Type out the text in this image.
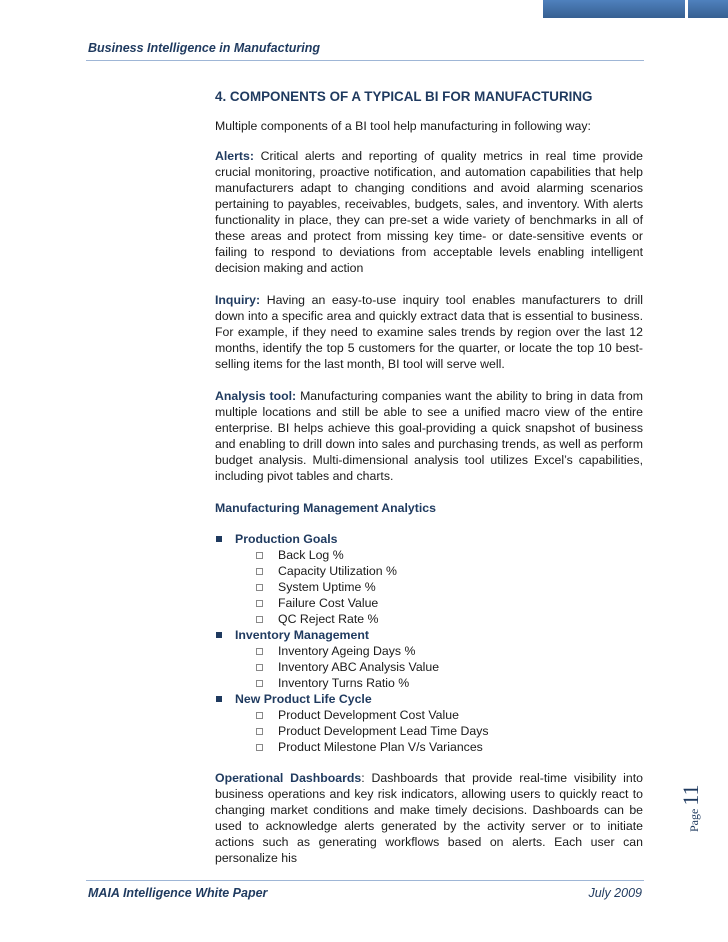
Business Intelligence in Manufacturing
4. COMPONENTS OF A TYPICAL BI FOR MANUFACTURING
Multiple components of a BI tool help manufacturing in following way:
Alerts: Critical alerts and reporting of quality metrics in real time provide crucial monitoring, proactive notification, and automation capabilities that help manufacturers adapt to changing conditions and avoid alarming scenarios pertaining to payables, receivables, budgets, sales, and inventory. With alerts functionality in place, they can pre-set a wide variety of benchmarks in all of these areas and protect from missing key time- or date-sensitive events or failing to respond to deviations from acceptable levels enabling intelligent decision making and action
Inquiry: Having an easy-to-use inquiry tool enables manufacturers to drill down into a specific area and quickly extract data that is essential to business. For example, if they need to examine sales trends by region over the last 12 months, identify the top 5 customers for the quarter, or locate the top 10 best-selling items for the last month, BI tool will serve well.
Analysis tool: Manufacturing companies want the ability to bring in data from multiple locations and still be able to see a unified macro view of the entire enterprise. BI helps achieve this goal-providing a quick snapshot of business and enabling to drill down into sales and purchasing trends, as well as perform budget analysis. Multi-dimensional analysis tool utilizes Excel’s capabilities, including pivot tables and charts.
Manufacturing Management Analytics
Production Goals
Back Log %
Capacity Utilization %
System Uptime %
Failure Cost Value
QC Reject Rate %
Inventory Management
Inventory Ageing Days %
Inventory ABC Analysis Value
Inventory Turns Ratio %
New Product Life Cycle
Product Development Cost Value
Product Development Lead Time Days
Product Milestone Plan V/s Variances
Operational Dashboards: Dashboards that provide real-time visibility into business operations and key risk indicators, allowing users to quickly react to changing market conditions and make timely decisions. Dashboards can be used to acknowledge alerts generated by the activity server or to initiate actions such as generating workflows based on alerts. Each user can personalize his
Page
11
MAIA Intelligence White Paper	July 2009
